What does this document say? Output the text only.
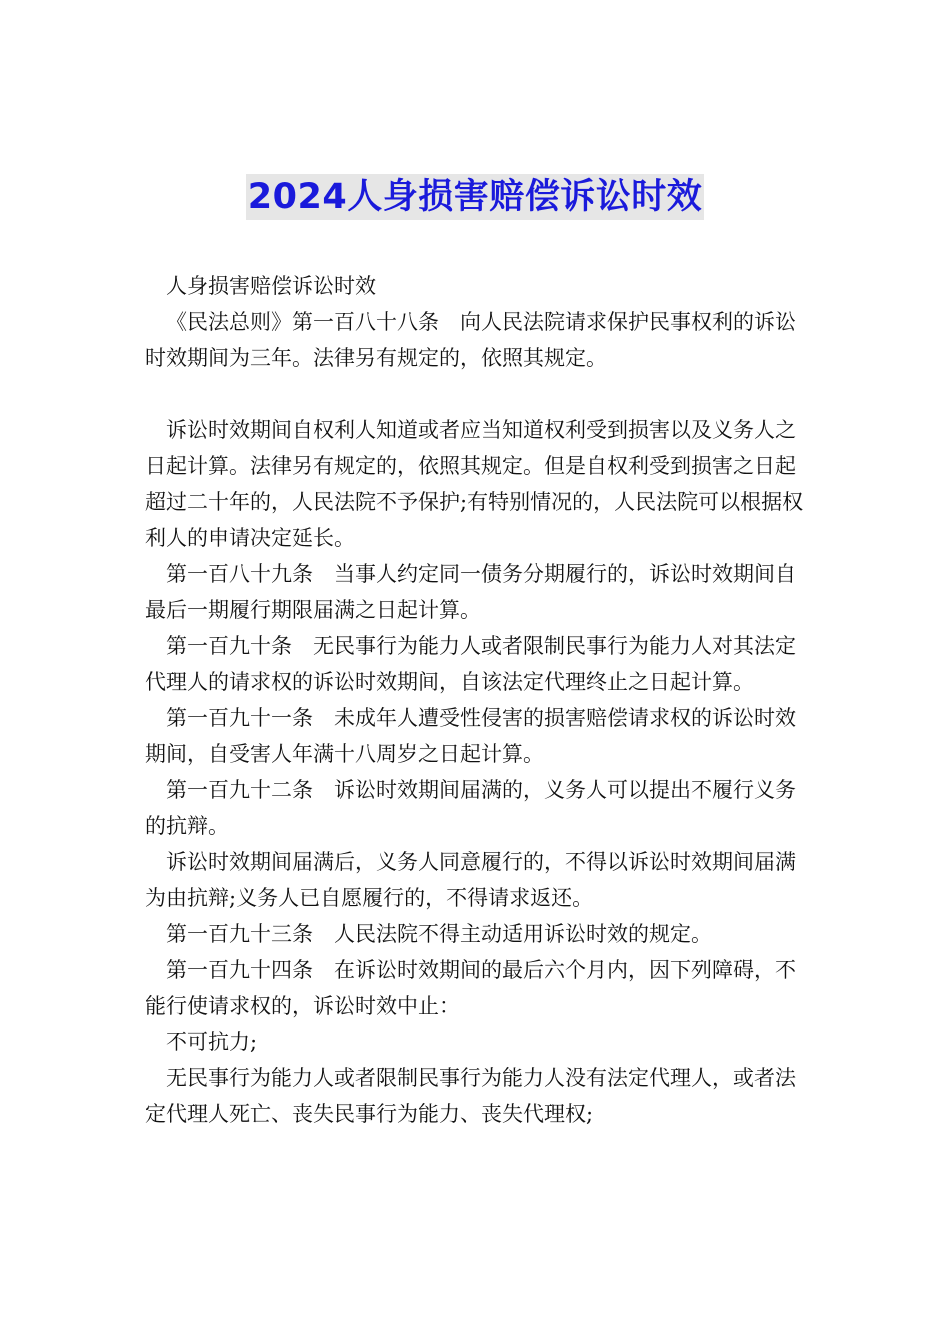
2024人身损害赔偿诉讼时效

人身损害赔偿诉讼时效

《民法总则》第一百八十八条　向人民法院请求保护民事权利的诉讼时效期间为三年。法律另有规定的，依照其规定。

诉讼时效期间自权利人知道或者应当知道权利受到损害以及义务人之日起计算。法律另有规定的，依照其规定。但是自权利受到损害之日起超过二十年的，人民法院不予保护;有特别情况的，人民法院可以根据权利人的申请决定延长。

第一百八十九条　当事人约定同一债务分期履行的，诉讼时效期间自最后一期履行期限届满之日起计算。

第一百九十条　无民事行为能力人或者限制民事行为能力人对其法定代理人的请求权的诉讼时效期间，自该法定代理终止之日起计算。

第一百九十一条　未成年人遭受性侵害的损害赔偿请求权的诉讼时效期间，自受害人年满十八周岁之日起计算。

第一百九十二条　诉讼时效期间届满的，义务人可以提出不履行义务的抗辩。

诉讼时效期间届满后，义务人同意履行的，不得以诉讼时效期间届满为由抗辩;义务人已自愿履行的，不得请求返还。

第一百九十三条　人民法院不得主动适用诉讼时效的规定。

第一百九十四条　在诉讼时效期间的最后六个月内，因下列障碍，不能行使请求权的，诉讼时效中止：

不可抗力;

无民事行为能力人或者限制民事行为能力人没有法定代理人，或者法定代理人死亡、丧失民事行为能力、丧失代理权;
